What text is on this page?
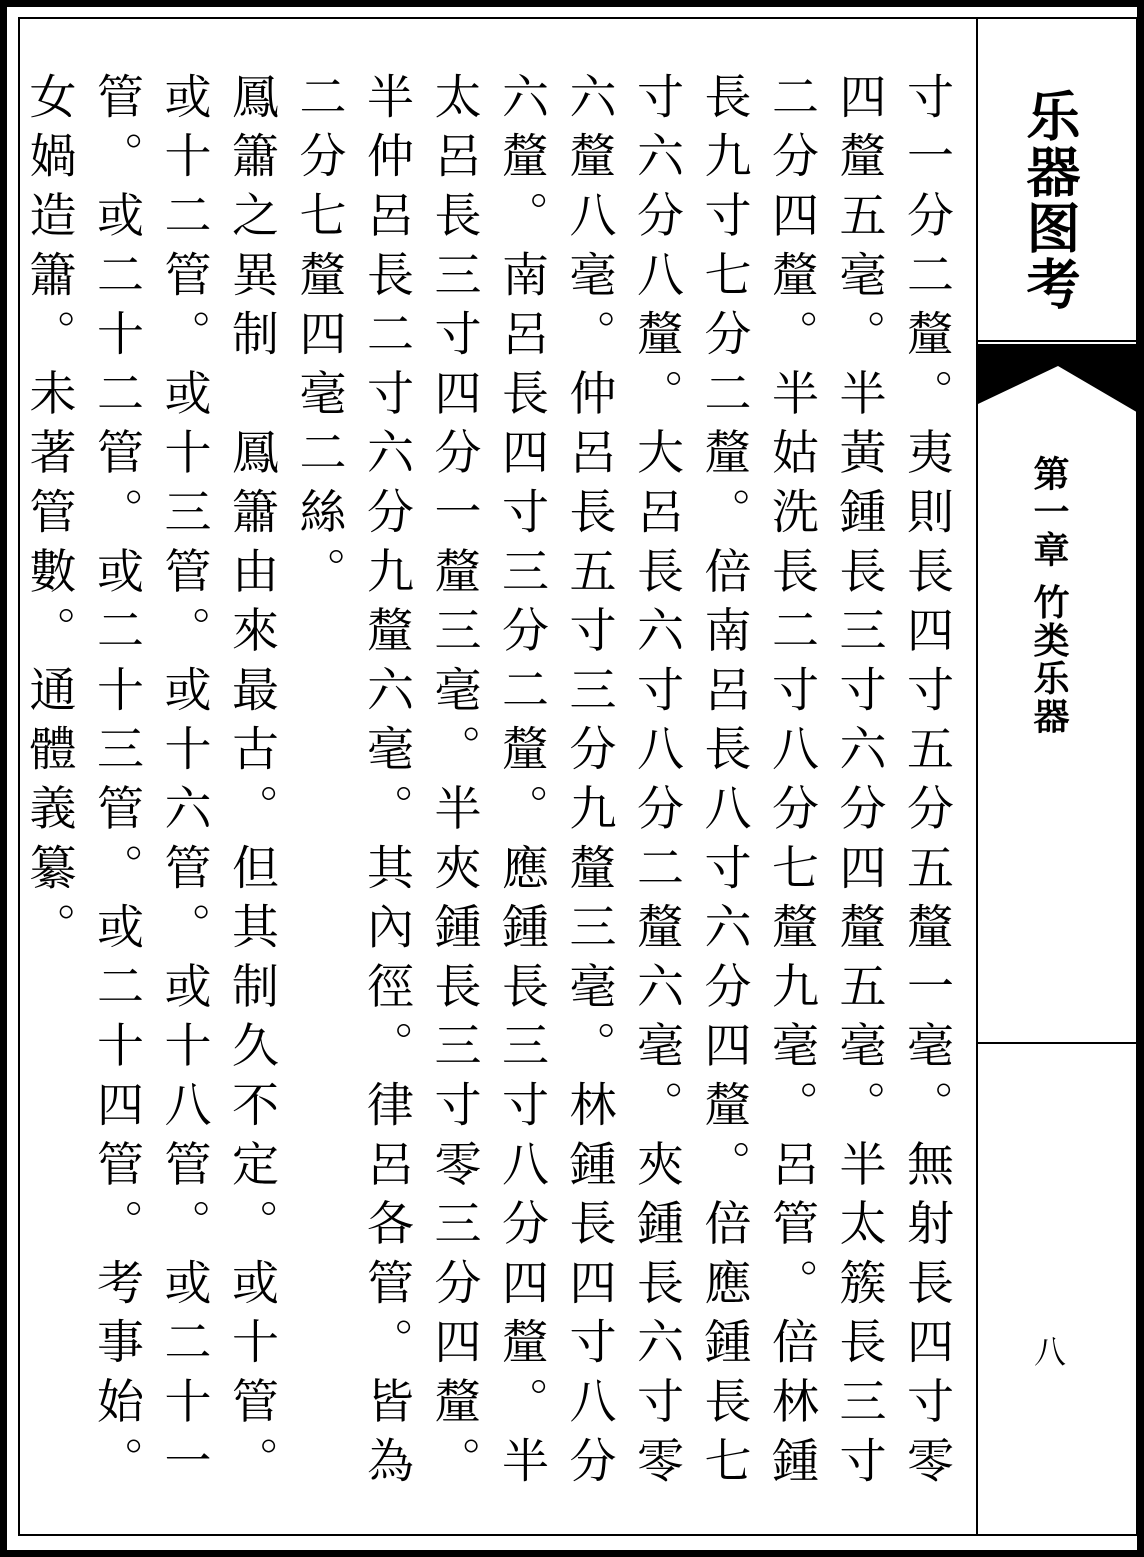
乐器图考
第一章 竹类乐器
八

寸一分二釐。夷則長四寸五分五釐一毫。無射長四寸零四釐五毫。半黃鍾長三寸六分四釐五毫。半太簇長三寸二分四釐。半姑洗長二寸八分七釐九毫。呂管。倍林鍾長九寸七分二釐。倍南呂長八寸六分四釐。倍應鍾長七寸六分八釐。大呂長六寸八分二釐六毫。夾鍾長六寸零六釐八毫。仲呂長五寸三分九釐三毫。林鍾長四寸八分六釐。南呂長四寸三分二釐。應鍾長三寸八分四釐。半太呂長三寸四分一釐三毫。半夾鍾長三寸零三分四釐。半仲呂長二寸六分九釐六毫。其內徑。律呂各管。皆為二分七釐四毫二絲。

鳳簫之異制　鳳簫由來最古。但其制久不定。或十管。或十二管。或十三管。或十六管。或十八管。或二十一管。或二十二管。或二十三管。或二十四管。考事始。女媧造簫。未著管數。通體義纂。
